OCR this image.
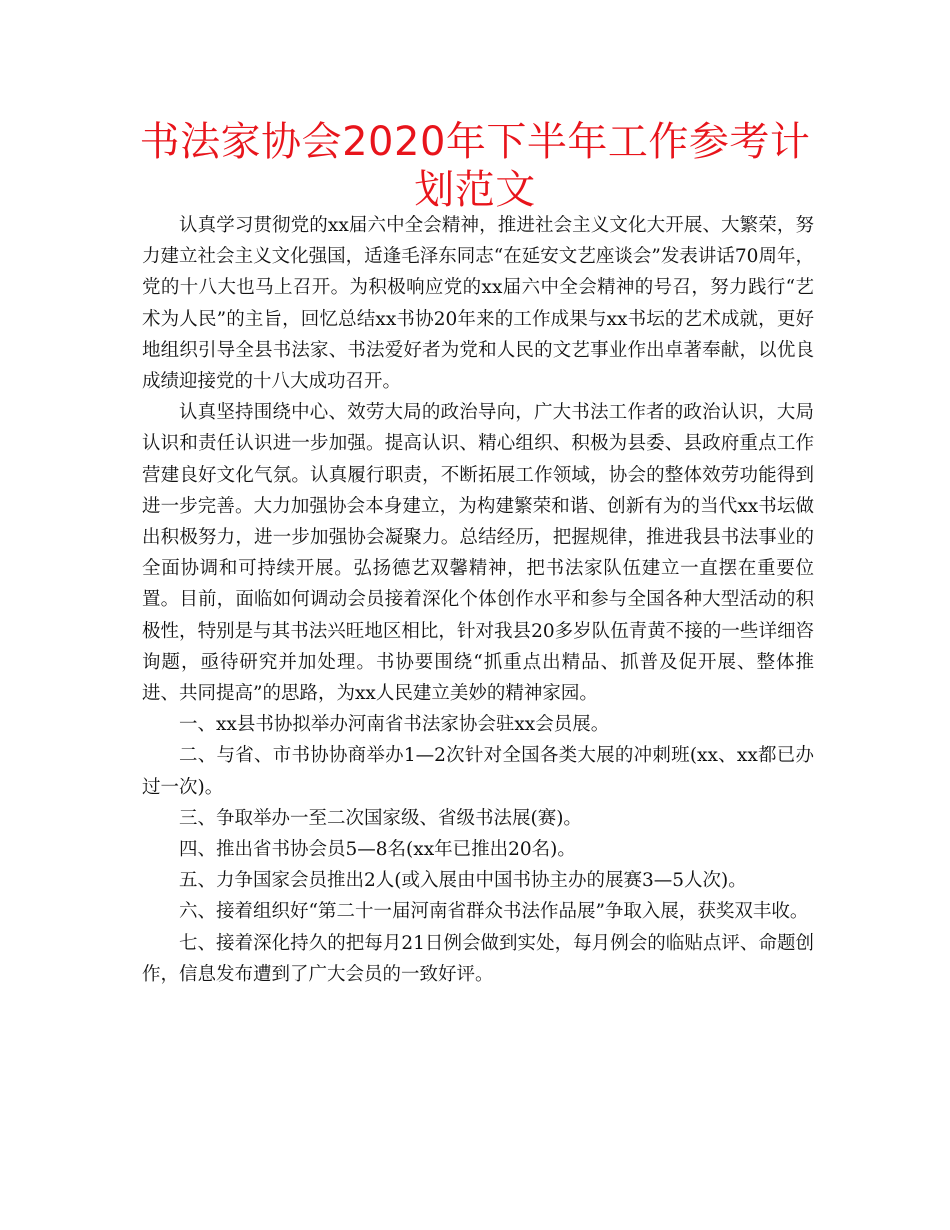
书法家协会2020年下半年工作参考计划范文

认真学习贯彻党的xx届六中全会精神，推进社会主义文化大开展、大繁荣，努力建立社会主义文化强国，适逢毛泽东同志“在延安文艺座谈会”发表讲话70周年，党的十八大也马上召开。为积极响应党的xx届六中全会精神的号召，努力践行“艺术为人民”的主旨，回忆总结xx书协20年来的工作成果与xx书坛的艺术成就，更好地组织引导全县书法家、书法爱好者为党和人民的文艺事业作出卓著奉献，以优良成绩迎接党的十八大成功召开。

认真坚持围绕中心、效劳大局的政治导向，广大书法工作者的政治认识，大局认识和责任认识进一步加强。提高认识、精心组织、积极为县委、县政府重点工作营建良好文化气氛。认真履行职责，不断拓展工作领域，协会的整体效劳功能得到进一步完善。大力加强协会本身建立，为构建繁荣和谐、创新有为的当代xx书坛做出积极努力，进一步加强协会凝聚力。总结经历，把握规律，推进我县书法事业的全面协调和可持续开展。弘扬德艺双馨精神，把书法家队伍建立一直摆在重要位置。目前，面临如何调动会员接着深化个体创作水平和参与全国各种大型活动的积极性，特别是与其书法兴旺地区相比，针对我县20多岁队伍青黄不接的一些详细咨询题，亟待研究并加处理。书协要围绕“抓重点出精品、抓普及促开展、整体推进、共同提高”的思路，为xx人民建立美妙的精神家园。

一、xx县书协拟举办河南省书法家协会驻xx会员展。

二、与省、市书协协商举办1—2次针对全国各类大展的冲刺班(xx、xx都已办过一次)。

三、争取举办一至二次国家级、省级书法展(赛)。

四、推出省书协会员5—8名(xx年已推出20名)。

五、力争国家会员推出2人(或入展由中国书协主办的展赛3—5人次)。

六、接着组织好“第二十一届河南省群众书法作品展”争取入展，获奖双丰收。

七、接着深化持久的把每月21日例会做到实处，每月例会的临贴点评、命题创作，信息发布遭到了广大会员的一致好评。
